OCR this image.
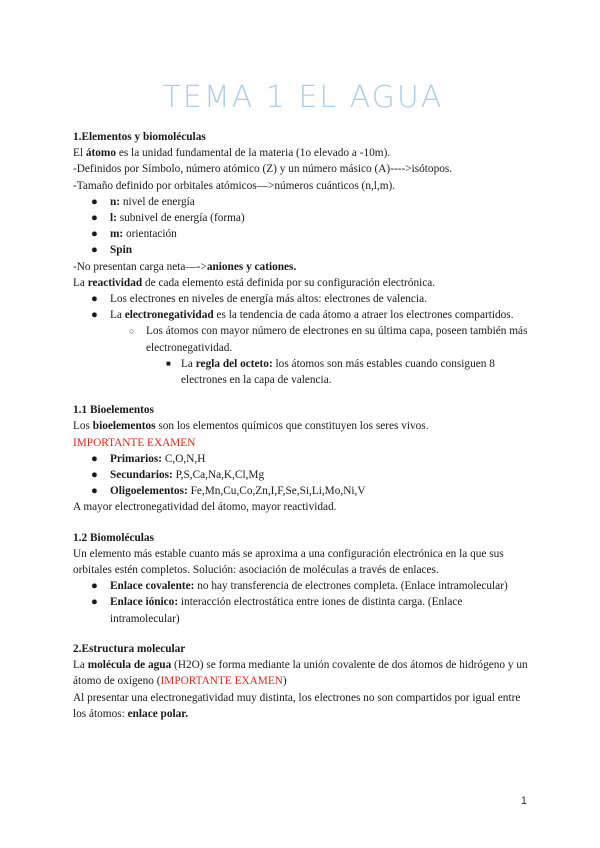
TEMA 1 EL AGUA

1.Elementos y biomoléculas

El átomo es la unidad fundamental de la materia (1o elevado a -10m).

-Definidos por Símbolo, número atómico (Z) y un número másico (A)---->isótopos.

-Tamaño definido por orbitales atómicos—>números cuánticos (n,l,m).

● n: nivel de energía
● l: subnivel de energía (forma)
● m: orientación
● Spin

-No presentan carga neta—->aniones y cationes.

La reactividad de cada elemento está definida por su configuración electrónica.

● Los electrones en niveles de energía más altos: electrones de valencia.
● La electronegatividad es la tendencia de cada átomo a atraer los electrones compartidos.
○ Los átomos con mayor número de electrones en su última capa, poseen también más electronegatividad.
■ La regla del octeto: los átomos son más estables cuando consiguen 8 electrones en la capa de valencia.

1.1 Bioelementos

Los bioelementos son los elementos químicos que constituyen los seres vivos.

IMPORTANTE EXAMEN

● Primarios: C,O,N,H
● Secundarios: P,S,Ca,Na,K,Cl,Mg
● Oligoelementos: Fe,Mn,Cu,Co,Zn,I,F,Se,Si,Li,Mo,Ni,V

A mayor electronegatividad del átomo, mayor reactividad.

1.2 Biomoléculas

Un elemento más estable cuanto más se aproxima a una configuración electrónica en la que sus orbitales estén completos. Solución: asociación de moléculas a través de enlaces.

● Enlace covalente: no hay transferencia de electrones completa. (Enlace intramolecular)
● Enlace iónico: interacción electrostática entre iones de distinta carga. (Enlace intramolecular)

2.Estructura molecular

La molécula de agua (H2O) se forma mediante la unión covalente de dos átomos de hidrógeno y un átomo de oxígeno (IMPORTANTE EXAMEN)

Al presentar una electronegatividad muy distinta, los electrones no son compartidos por igual entre los átomos: enlace polar.

1
